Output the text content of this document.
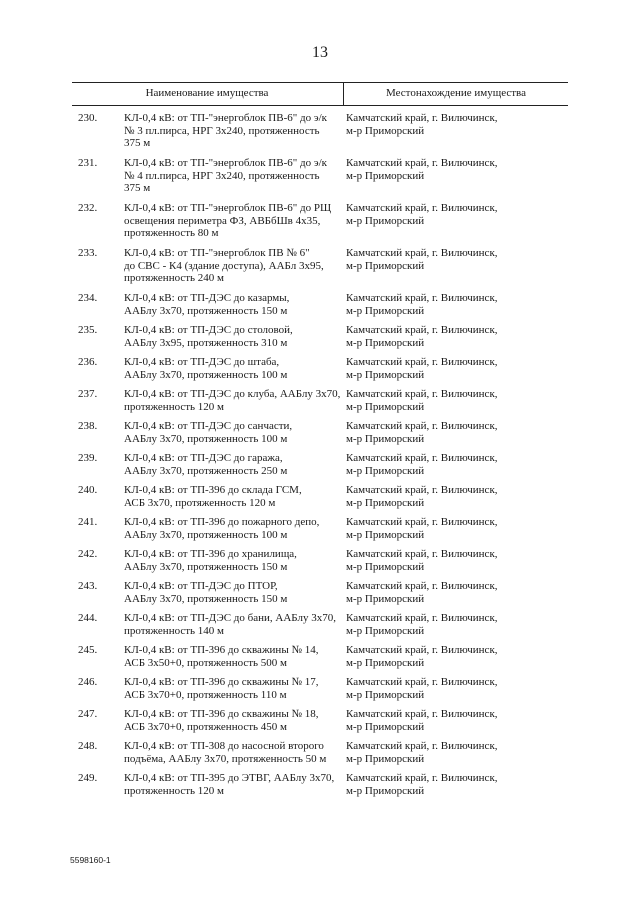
13
Наименование имущества	Местонахождение имущества
230.	КЛ-0,4 кВ: от ТП-"энергоблок ПВ-6" до э/к
№ 3 пл.пирса, НРГ 3х240, протяженность
375 м
Камчатский край, г. Вилючинск,
м-р Приморский
231.	КЛ-0,4 кВ: от ТП-"энергоблок ПВ-6" до э/к
№ 4 пл.пирса, НРГ 3х240, протяженность
375 м
Камчатский край, г. Вилючинск,
м-р Приморский
232.	КЛ-0,4 кВ: от ТП-"энергоблок ПВ-6" до РЩ
освещения периметра ФЗ, АВБбШв 4х35,
протяженность 80 м
Камчатский край, г. Вилючинск,
м-р Приморский
233.	КЛ-0,4 кВ: от ТП-"энергоблок ПВ № 6"
до СВС - К4 (здание доступа), ААБл 3х95,
протяженность 240 м
Камчатский край, г. Вилючинск,
м-р Приморский
234.	КЛ-0,4 кВ: от ТП-ДЭС до казармы,
ААБлу 3х70, протяженность 150 м
Камчатский край, г. Вилючинск,
м-р Приморский
235.	КЛ-0,4 кВ: от ТП-ДЭС до столовой,
ААБлу 3х95, протяженность 310 м
Камчатский край, г. Вилючинск,
м-р Приморский
236.	КЛ-0,4 кВ: от ТП-ДЭС до штаба,
ААБлу 3х70, протяженность 100 м
Камчатский край, г. Вилючинск,
м-р Приморский
237.	КЛ-0,4 кВ: от ТП-ДЭС до клуба, ААБлу 3х70,
протяженность 120 м
Камчатский край, г. Вилючинск,
м-р Приморский
238.	КЛ-0,4 кВ: от ТП-ДЭС до санчасти,
ААБлу 3х70, протяженность 100 м
Камчатский край, г. Вилючинск,
м-р Приморский
239.	КЛ-0,4 кВ: от ТП-ДЭС до гаража,
ААБлу 3х70, протяженность 250 м
Камчатский край, г. Вилючинск,
м-р Приморский
240.	КЛ-0,4 кВ: от ТП-396 до склада ГСМ,
АСБ 3х70, протяженность 120 м
Камчатский край, г. Вилючинск,
м-р Приморский
241.	КЛ-0,4 кВ: от ТП-396 до пожарного депо,
ААБлу 3х70, протяженность 100 м
Камчатский край, г. Вилючинск,
м-р Приморский
242.	КЛ-0,4 кВ: от ТП-396 до хранилища,
ААБлу 3х70, протяженность 150 м
Камчатский край, г. Вилючинск,
м-р Приморский
243.	КЛ-0,4 кВ: от ТП-ДЭС до ПТОР,
ААБлу 3х70, протяженность 150 м
Камчатский край, г. Вилючинск,
м-р Приморский
244.	КЛ-0,4 кВ: от ТП-ДЭС до бани, ААБлу 3х70,
протяженность 140 м
Камчатский край, г. Вилючинск,
м-р Приморский
245.	КЛ-0,4 кВ: от ТП-396 до скважины № 14,
АСБ 3х50+0, протяженность 500 м
Камчатский край, г. Вилючинск,
м-р Приморский
246.	КЛ-0,4 кВ: от ТП-396 до скважины № 17,
АСБ 3х70+0, протяженность 110 м
Камчатский край, г. Вилючинск,
м-р Приморский
247.	КЛ-0,4 кВ: от ТП-396 до скважины № 18,
АСБ 3х70+0, протяженность 450 м
Камчатский край, г. Вилючинск,
м-р Приморский
248.	КЛ-0,4 кВ: от ТП-308 до насосной второго
подъёма, ААБлу 3х70, протяженность 50 м
Камчатский край, г. Вилючинск,
м-р Приморский
249.	КЛ-0,4 кВ: от ТП-395 до ЭТВГ, ААБлу 3х70,
протяженность 120 м
Камчатский край, г. Вилючинск,
м-р Приморский
5598160-1
